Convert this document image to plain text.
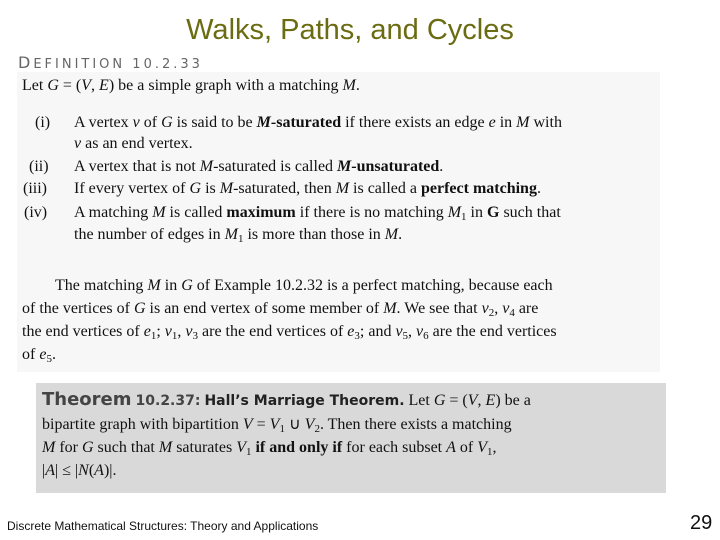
Walks, Paths, and Cycles
DEFINITION 10.2.33
Let G = (V, E) be a simple graph with a matching M.
(i) A vertex v of G is said to be M-saturated if there exists an edge e in M with
v as an end vertex.
(ii) A vertex that is not M-saturated is called M-unsaturated.
(iii) If every vertex of G is M-saturated, then M is called a perfect matching.
(iv) A matching M is called maximum if there is no matching $M_1$ in G such that
the number of edges in $M_1$ is more than those in M.
The matching M in G of Example 10.2.32 is a perfect matching, because each
of the vertices of G is an end vertex of some member of M. We see that $v_2$, $v_4$ are
the end vertices of $e_1$; $v_1$, $v_3$ are the end vertices of $e_3$; and $v_5$, $v_6$ are the end vertices
of $e_5$.
Theorem 10.2.37: Hall’s Marriage Theorem. Let G = (V, E) be a
bipartite graph with bipartition $V = V_1$ ∪ $V_2$. Then there exists a matching
M for G such that M saturates $V_1$ if and only if for each subset A of $V_1$,
|A| ≤ |N(A)|.
Discrete Mathematical Structures: Theory and Applications	29
